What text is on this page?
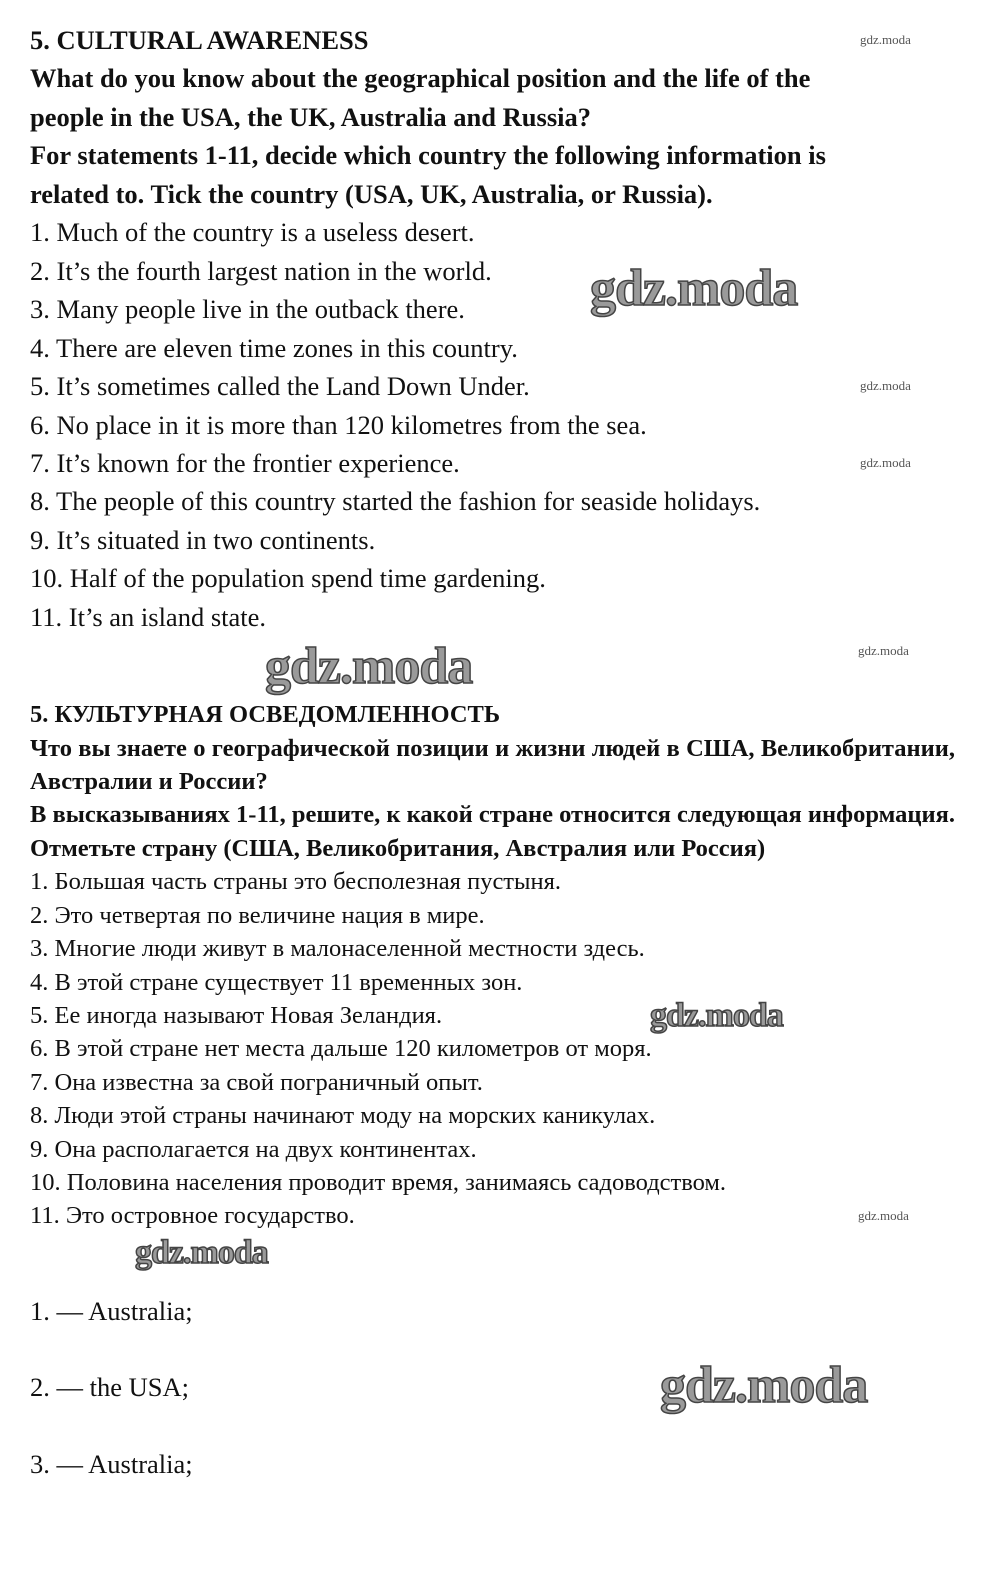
5. CULTURAL AWARENESS	gdz.moda
What do you know about the geographical position and the life of the
people in the USA, the UK, Australia and Russia?
For statements 1-11, decide which country the following information is
related to. Tick the country (USA, UK, Australia, or Russia).
1. Much of the country is a useless desert.
2. It’s the fourth largest nation in the world. gdz.moda
3. Many people live in the outback there.
4. There are eleven time zones in this country.
5. It’s sometimes called the Land Down Under.	gdz.moda
6. No place in it is more than 120 kilometres from the sea.
7. It’s known for the frontier experience.	gdz.moda
8. The people of this country started the fashion for seaside holidays.
9. It’s situated in two continents.
10. Half of the population spend time gardening.
11. It’s an island state.
gdz.moda	gdz.moda
5. КУЛЬТУРНАЯ ОСВЕДОМЛЕННОСТЬ
Что вы знаете о географической позиции и жизни людей в США, Великобритании, Австралии и России?
В высказываниях 1-11, решите, к какой стране относится следующая информация. Отметьте страну (США, Великобритания, Австралия или Россия)
1. Большая часть страны это бесполезная пустыня.
2. Это четвертая по величине нация в мире.
3. Многие люди живут в малонаселенной местности здесь.
4. В этой стране существует 11 временных зон.
5. Ее иногда называют Новая Зеландия.	gdz.moda
6. В этой стране нет места дальше 120 километров от моря.
7. Она известна за свой пограничный опыт.
8. Люди этой страны начинают моду на морских каникулах.
9. Она располагается на двух континентах.
10. Половина населения проводит время, занимаясь садоводством.
11. Это островное государство.	gdz.moda
gdz.moda
1. — Australia;
2. — the USA;	gdz.moda
3. — Australia;
